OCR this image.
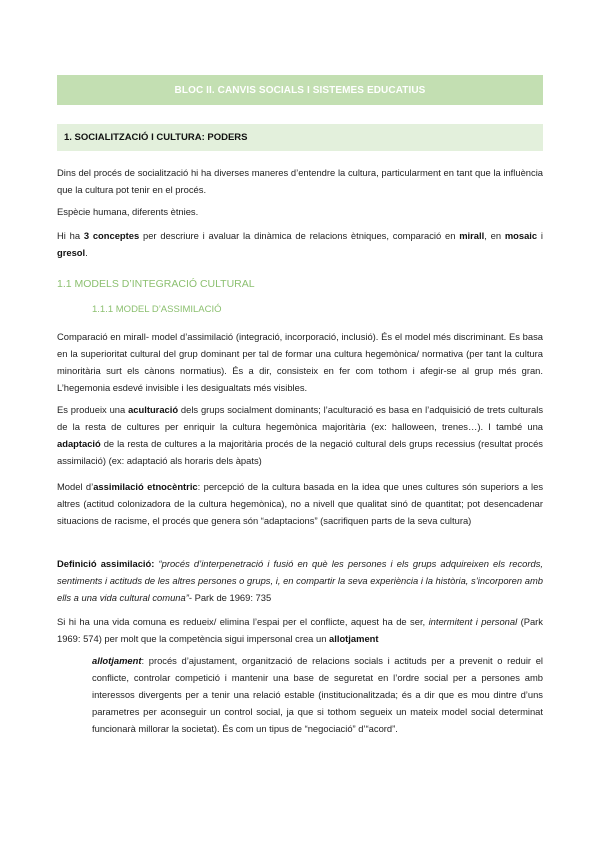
BLOC II. CANVIS SOCIALS I SISTEMES EDUCATIUS
1. SOCIALITZACIÓ I CULTURA: PODERS

Dins del procés de socialització hi ha diverses maneres d’entendre la cultura, particularment en tant que la influència que la cultura pot tenir en el procés.

Espècie humana, diferents ètnies.

Hi ha 3 conceptes per descriure i avaluar la dinàmica de relacions ètniques, comparació en mirall, en mosaic i gresol.

1.1 MODELS D’INTEGRACIÓ CULTURAL

1.1.1 MODEL D’ASSIMILACIÓ

Comparació en mirall- model d’assimilació (integració, incorporació, inclusió). És el model més discriminant. Es basa en la superioritat cultural del grup dominant per tal de formar una cultura hegemònica/ normativa (per tant la cultura minoritària surt els cànons normatius). És a dir, consisteix en fer com tothom i afegir-se al grup més gran. L’hegemonia esdevé invisible i les desigualtats més visibles.

Es produeix una aculturació dels grups socialment dominants; l’aculturació es basa en l’adquisició de trets culturals de la resta de cultures per enriquir la cultura hegemònica majoritària (ex: halloween, trenes…). I també una adaptació de la resta de cultures a la majoritària procés de la negació cultural dels grups recessius (resultat procés assimilació) (ex: adaptació als horaris dels àpats)

Model d’assimilació etnocèntric: percepció de la cultura basada en la idea que unes cultures són superiors a les altres (actitud colonizadora de la cultura hegemònica), no a nivell que qualitat sinó de quantitat; pot desencadenar situacions de racisme, el procés que genera són “adaptacions” (sacrifiquen parts de la seva cultura)

Definició assimilació: “procés d’interpenetració i fusió en què les persones i els grups adquireixen els records, sentiments i actituds de les altres persones o grups, i, en compartir la seva experiència i la història, s’incorporen amb ells a una vida cultural comuna”- Park de 1969: 735

Si hi ha una vida comuna es redueix/ elimina l’espai per el conflicte, aquest ha de ser, intermitent i personal (Park 1969: 574) per molt que la competència sigui impersonal crea un allotjament

allotjament: procés d’ajustament, organització de relacions socials i actituds per a prevenit o reduir el conflicte, controlar competició i mantenir una base de seguretat en l’ordre social per a persones amb interessos divergents per a tenir una relació estable (institucionalitzada; és a dir que es mou dintre d’uns parametres per aconseguir un control social, ja que si tothom segueix un mateix model social determinat funcionarà millorar la societat). És com un tipus de “negociació” d’“acord”.
